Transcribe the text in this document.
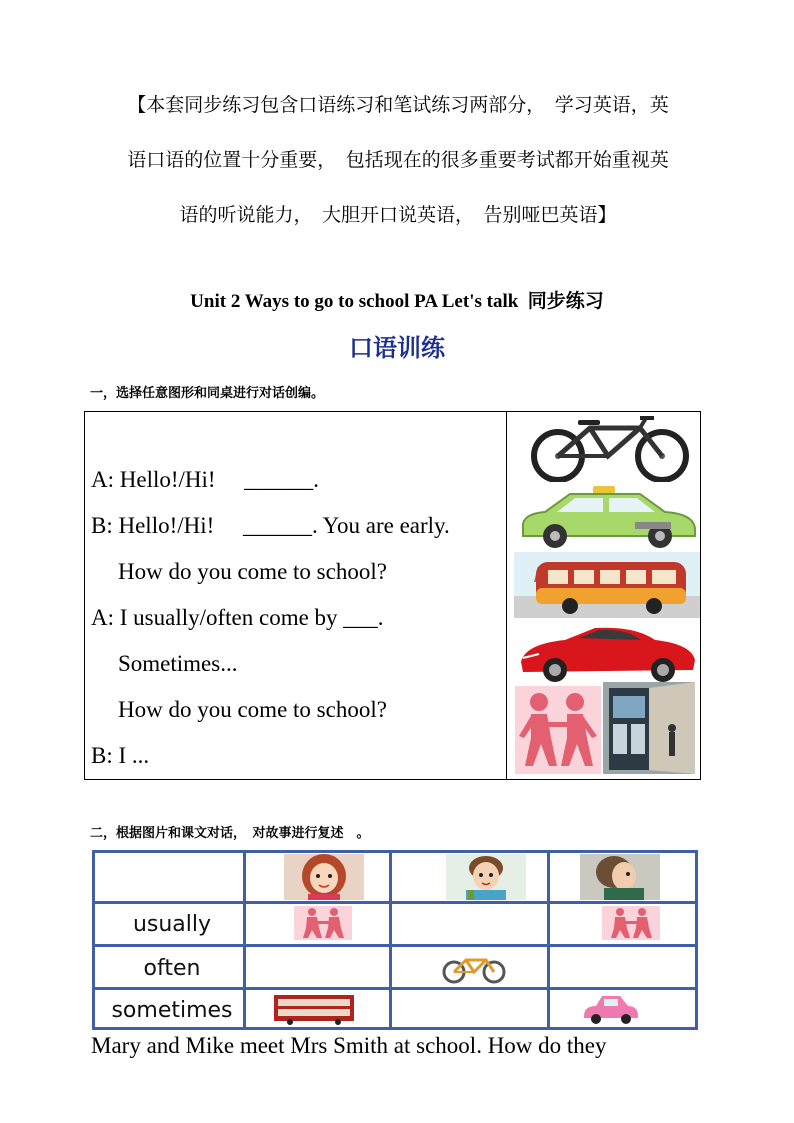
【本套同步练习包含口语练习和笔试练习两部分，　学习英语，英

语口语的位置十分重要，　包括现在的很多重要考试都开始重视英

语的听说能力，　大胆开口说英语，　告别哑巴英语】

Unit 2 Ways to go to school PA Let's talk 同步练习
口语训练
一，选择任意图形和同桌进行对话创编。
A: Hello!/Hi!　 ______.
B: Hello!/Hi!　 ______. You are early.
How do you come to school?
A: I usually/often come by ___.
Sometimes...
How do you come to school?
B: I ...
二，根据图片和课文对话，　对故事进行复述　。
usually
often
sometimes
Mary and Mike meet Mrs Smith at school. How do they
